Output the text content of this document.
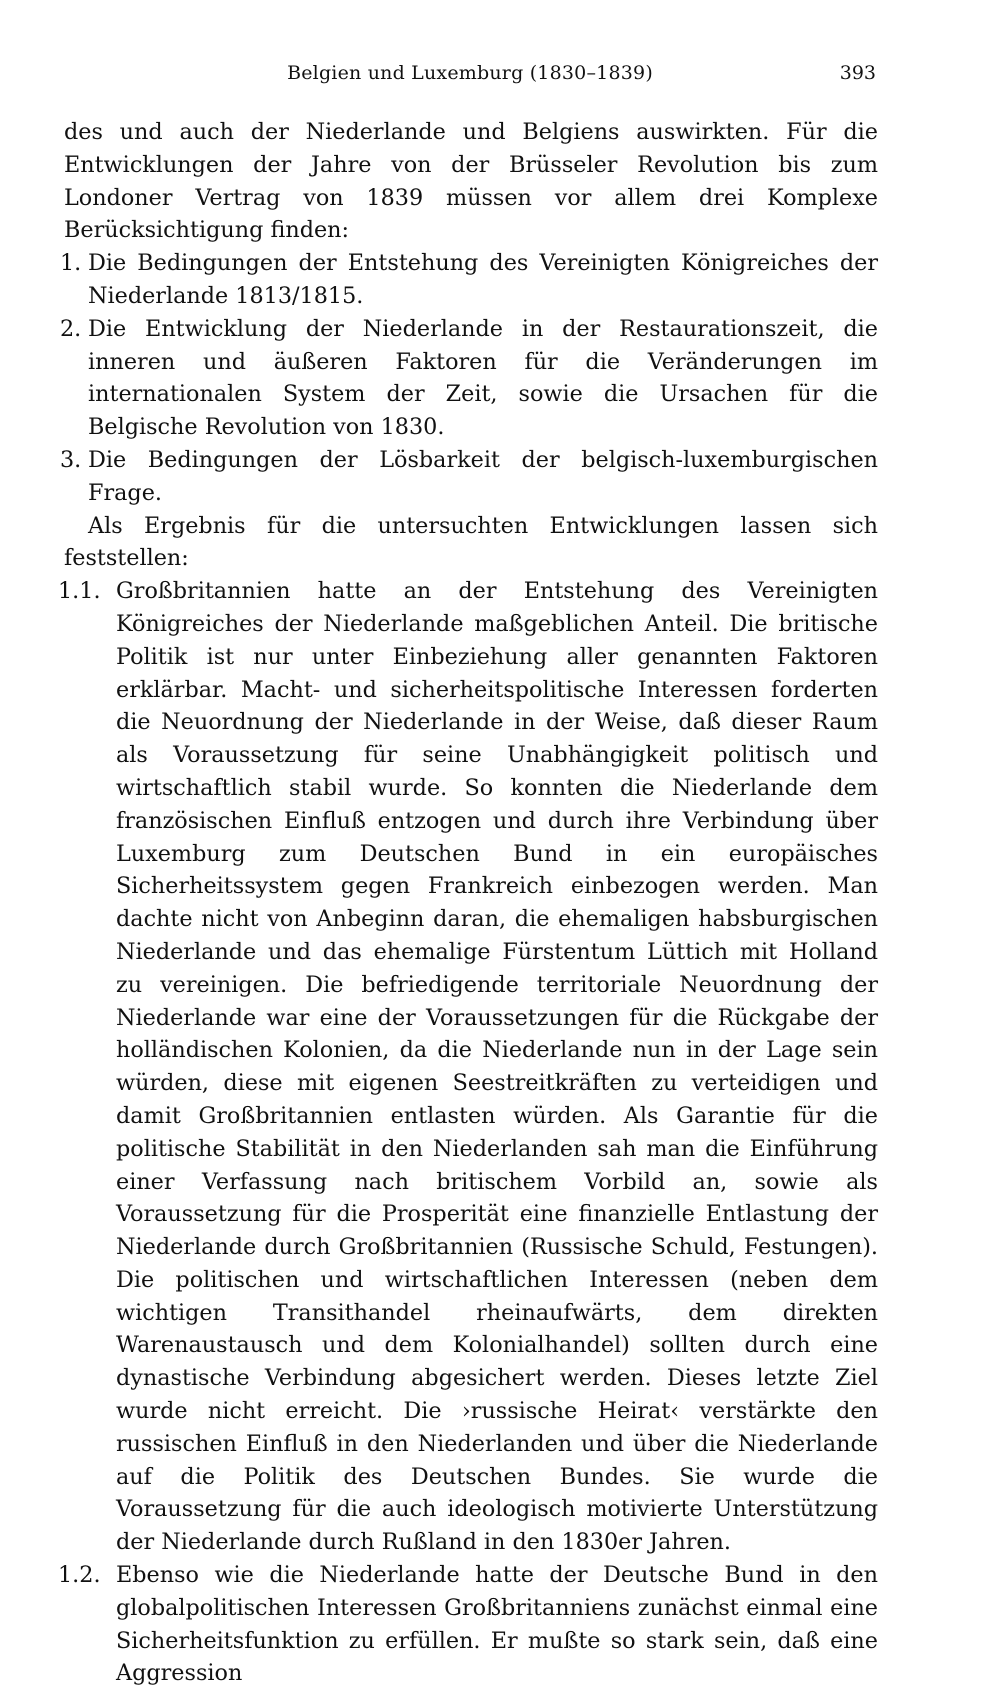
Belgien und Luxemburg (1830–1839)	393

des und auch der Niederlande und Belgiens auswirkten. Für die Entwicklungen der Jahre von der Brüsseler Revolution bis zum Londoner Vertrag von 1839 müssen vor allem drei Komplexe Berücksichtigung finden:

1. Die Bedingungen der Entstehung des Vereinigten Königreiches der Niederlande 1813/1815.
2. Die Entwicklung der Niederlande in der Restaurationszeit, die inneren und äußeren Faktoren für die Veränderungen im internationalen System der Zeit, sowie die Ursachen für die Belgische Revolution von 1830.
3. Die Bedingungen der Lösbarkeit der belgisch-luxemburgischen Frage.

Als Ergebnis für die untersuchten Entwicklungen lassen sich feststellen:

1.1. Großbritannien hatte an der Entstehung des Vereinigten Königreiches der Niederlande maßgeblichen Anteil. Die britische Politik ist nur unter Einbeziehung aller genannten Faktoren erklärbar. Macht- und sicherheitspolitische Interessen forderten die Neuordnung der Niederlande in der Weise, daß dieser Raum als Voraussetzung für seine Unabhängigkeit politisch und wirtschaftlich stabil wurde. So konnten die Niederlande dem französischen Einfluß entzogen und durch ihre Verbindung über Luxemburg zum Deutschen Bund in ein europäisches Sicherheitssystem gegen Frankreich einbezogen werden. Man dachte nicht von Anbeginn daran, die ehemaligen habsburgischen Niederlande und das ehemalige Fürstentum Lüttich mit Holland zu vereinigen. Die befriedigende territoriale Neuordnung der Niederlande war eine der Voraussetzungen für die Rückgabe der holländischen Kolonien, da die Niederlande nun in der Lage sein würden, diese mit eigenen Seestreitkräften zu verteidigen und damit Großbritannien entlasten würden. Als Garantie für die politische Stabilität in den Niederlanden sah man die Einführung einer Verfassung nach britischem Vorbild an, sowie als Voraussetzung für die Prosperität eine finanzielle Entlastung der Niederlande durch Großbritannien (Russische Schuld, Festungen). Die politischen und wirtschaftlichen Interessen (neben dem wichtigen Transithandel rheinaufwärts, dem direkten Warenaustausch und dem Kolonialhandel) sollten durch eine dynastische Verbindung abgesichert werden. Dieses letzte Ziel wurde nicht erreicht. Die ›russische Heirat‹ verstärkte den russischen Einfluß in den Niederlanden und über die Niederlande auf die Politik des Deutschen Bundes. Sie wurde die Voraussetzung für die auch ideologisch motivierte Unterstützung der Niederlande durch Rußland in den 1830er Jahren.
1.2. Ebenso wie die Niederlande hatte der Deutsche Bund in den globalpolitischen Interessen Großbritanniens zunächst einmal eine Sicherheitsfunktion zu erfüllen. Er mußte so stark sein, daß eine Aggression
